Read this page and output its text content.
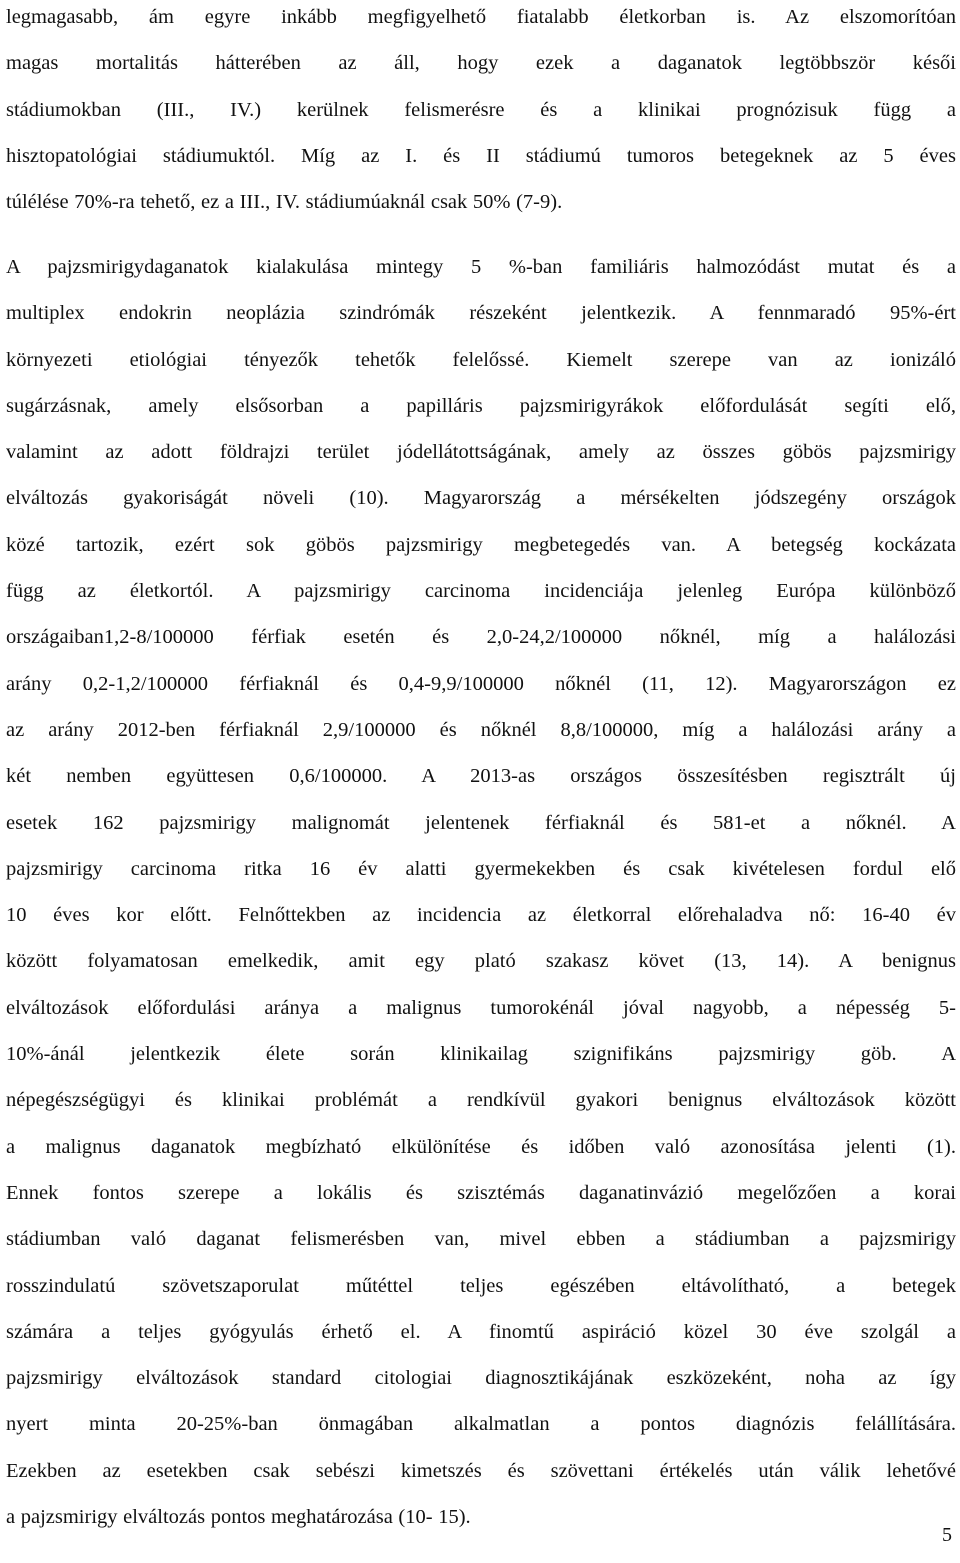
legmagasabb, ám egyre inkább megfigyelhető fiatalabb életkorban is. Az elszomorítóan
magas mortalitás hátterében az áll, hogy ezek a daganatok legtöbbször késői
stádiumokban (III., IV.) kerülnek felismerésre és a klinikai prognózisuk függ a
hisztopatológiai stádiumuktól. Míg az I. és II stádiumú tumoros betegeknek az 5 éves
túlélése 70%-ra tehető, ez a III., IV. stádiumúaknál csak 50% (7-9).
A pajzsmirigydaganatok kialakulása mintegy 5 %-ban familiáris halmozódást mutat és a
multiplex endokrin neoplázia szindrómák részeként jelentkezik. A fennmaradó 95%-ért
környezeti etiológiai tényezők tehetők felelőssé. Kiemelt szerepe van az ionizáló
sugárzásnak, amely elsősorban a papilláris pajzsmirigyrákok előfordulását segíti elő,
valamint az adott földrajzi terület jódellátottságának, amely az összes göbös pajzsmirigy
elváltozás gyakoriságát növeli (10). Magyarország a mérsékelten jódszegény országok
közé tartozik, ezért sok göbös pajzsmirigy megbetegedés van. A betegség kockázata
függ az életkortól. A pajzsmirigy carcinoma incidenciája jelenleg Európa különböző
országaiban1,2-8/100000 férfiak esetén és 2,0-24,2/100000 nőknél, míg a halálozási
arány 0,2-1,2/100000 férfiaknál és 0,4-9,9/100000 nőknél (11, 12). Magyarországon ez
az arány 2012-ben férfiaknál 2,9/100000 és nőknél 8,8/100000, míg a halálozási arány a
két nemben együttesen 0,6/100000. A 2013-as országos összesítésben regisztrált új
esetek 162 pajzsmirigy malignomát jelentenek férfiaknál és 581-et a nőknél. A
pajzsmirigy carcinoma ritka 16 év alatti gyermekekben és csak kivételesen fordul elő
10 éves kor előtt. Felnőttekben az incidencia az életkorral előrehaladva nő: 16-40 év
között folyamatosan emelkedik, amit egy plató szakasz követ (13, 14). A benignus
elváltozások előfordulási aránya a malignus tumorokénál jóval nagyobb, a népesség 5-
10%-ánál jelentkezik élete során klinikailag szignifikáns pajzsmirigy göb. A
népegészségügyi és klinikai problémát a rendkívül gyakori benignus elváltozások között
a malignus daganatok megbízható elkülönítése és időben való azonosítása jelenti (1).
Ennek fontos szerepe a lokális és szisztémás daganatinvázió megelőzően a korai
stádiumban való daganat felismerésben van, mivel ebben a stádiumban a pajzsmirigy
rosszindulatú szövetszaporulat műtéttel teljes egészében eltávolítható, a betegek
számára a teljes gyógyulás érhető el. A finomtű aspiráció közel 30 éve szolgál a
pajzsmirigy elváltozások standard citologiai diagnosztikájának eszközeként, noha az így
nyert minta 20-25%-ban önmagában alkalmatlan a pontos diagnózis felállítására.
Ezekben az esetekben csak sebészi kimetszés és szövettani értékelés után válik lehetővé
a pajzsmirigy elváltozás pontos meghatározása (10- 15).
5
